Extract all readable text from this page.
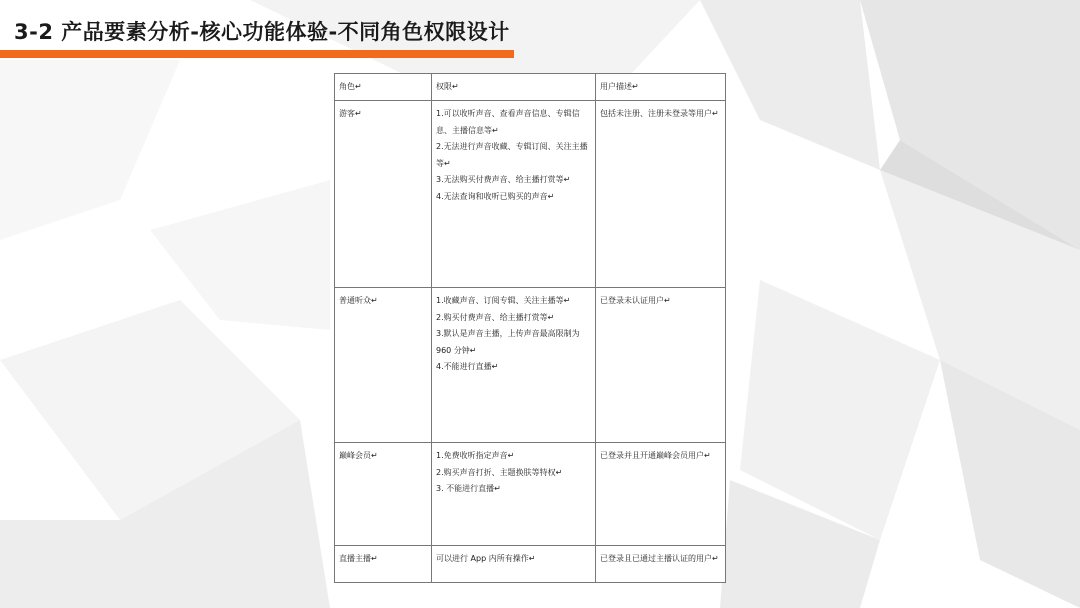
3-2 产品要素分析-核心功能体验-不同角色权限设计
角色↵	权限↵	用户描述↵
游客↵	1.可以收听声音、查看声音信息、专辑信息、主播信息等↵
2.无法进行声音收藏、专辑订阅、关注主播等↵
3.无法购买付费声音、给主播打赏等↵
4.无法查询和收听已购买的声音↵	包括未注册、注册未登录等用户↵
普通听众↵	1.收藏声音、订阅专辑、关注主播等↵
2.购买付费声音、给主播打赏等↵
3.默认是声音主播，上传声音最高限制为 960 分钟↵
4.不能进行直播↵	已登录未认证用户↵
巅峰会员↵	1.免费收听指定声音↵
2.购买声音打折、主题换肤等特权↵
3. 不能进行直播↵	已登录并且开通巅峰会员用户↵
直播主播↵	可以进行 App 内所有操作↵	已登录且已通过主播认证的用户↵
